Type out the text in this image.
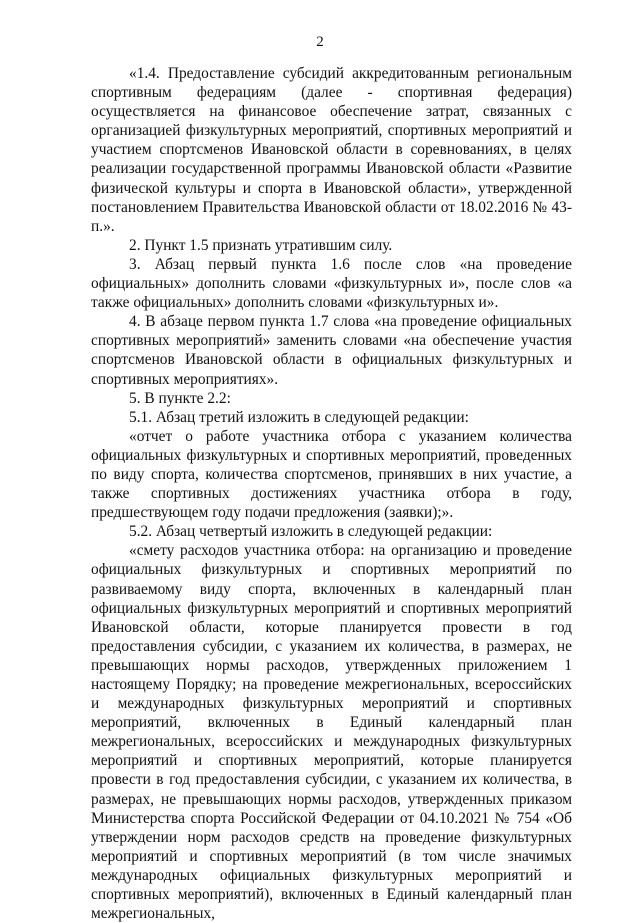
2

«1.4. Предоставление субсидий аккредитованным региональным спортивным федерациям (далее - спортивная федерация) осуществляется на финансовое обеспечение затрат, связанных с организацией физкультурных мероприятий, спортивных мероприятий и участием спортсменов Ивановской области в соревнованиях, в целях реализации государственной программы Ивановской области «Развитие физической культуры и спорта в Ивановской области», утвержденной постановлением Правительства Ивановской области от 18.02.2016 № 43-п.».

2. Пункт 1.5 признать утратившим силу.

3. Абзац первый пункта 1.6 после слов «на проведение официальных» дополнить словами «физкультурных и», после слов «а также официальных» дополнить словами «физкультурных и».

4. В абзаце первом пункта 1.7 слова «на проведение официальных спортивных мероприятий» заменить словами «на обеспечение участия спортсменов Ивановской области в официальных физкультурных и спортивных мероприятиях».

5. В пункте 2.2:

5.1. Абзац третий изложить в следующей редакции:

«отчет о работе участника отбора с указанием количества официальных физкультурных и спортивных мероприятий, проведенных по виду спорта, количества спортсменов, принявших в них участие, а также спортивных достижениях участника отбора в году, предшествующем году подачи предложения (заявки);».

5.2. Абзац четвертый изложить в следующей редакции:

«смету расходов участника отбора: на организацию и проведение официальных физкультурных и спортивных мероприятий по развиваемому виду спорта, включенных в календарный план официальных физкультурных мероприятий и спортивных мероприятий Ивановской области, которые планируется провести в год предоставления субсидии, с указанием их количества, в размерах, не превышающих нормы расходов, утвержденных приложением 1 настоящему Порядку; на проведение межрегиональных, всероссийских и международных физкультурных мероприятий и спортивных мероприятий, включенных в Единый календарный план межрегиональных, всероссийских и международных физкультурных мероприятий и спортивных мероприятий, которые планируется провести в год предоставления субсидии, с указанием их количества, в размерах, не превышающих нормы расходов, утвержденных приказом Министерства спорта Российской Федерации от 04.10.2021 № 754 «Об утверждении норм расходов средств на проведение физкультурных мероприятий и спортивных мероприятий (в том числе значимых международных официальных физкультурных мероприятий и спортивных мероприятий), включенных в Единый календарный план межрегиональных,
